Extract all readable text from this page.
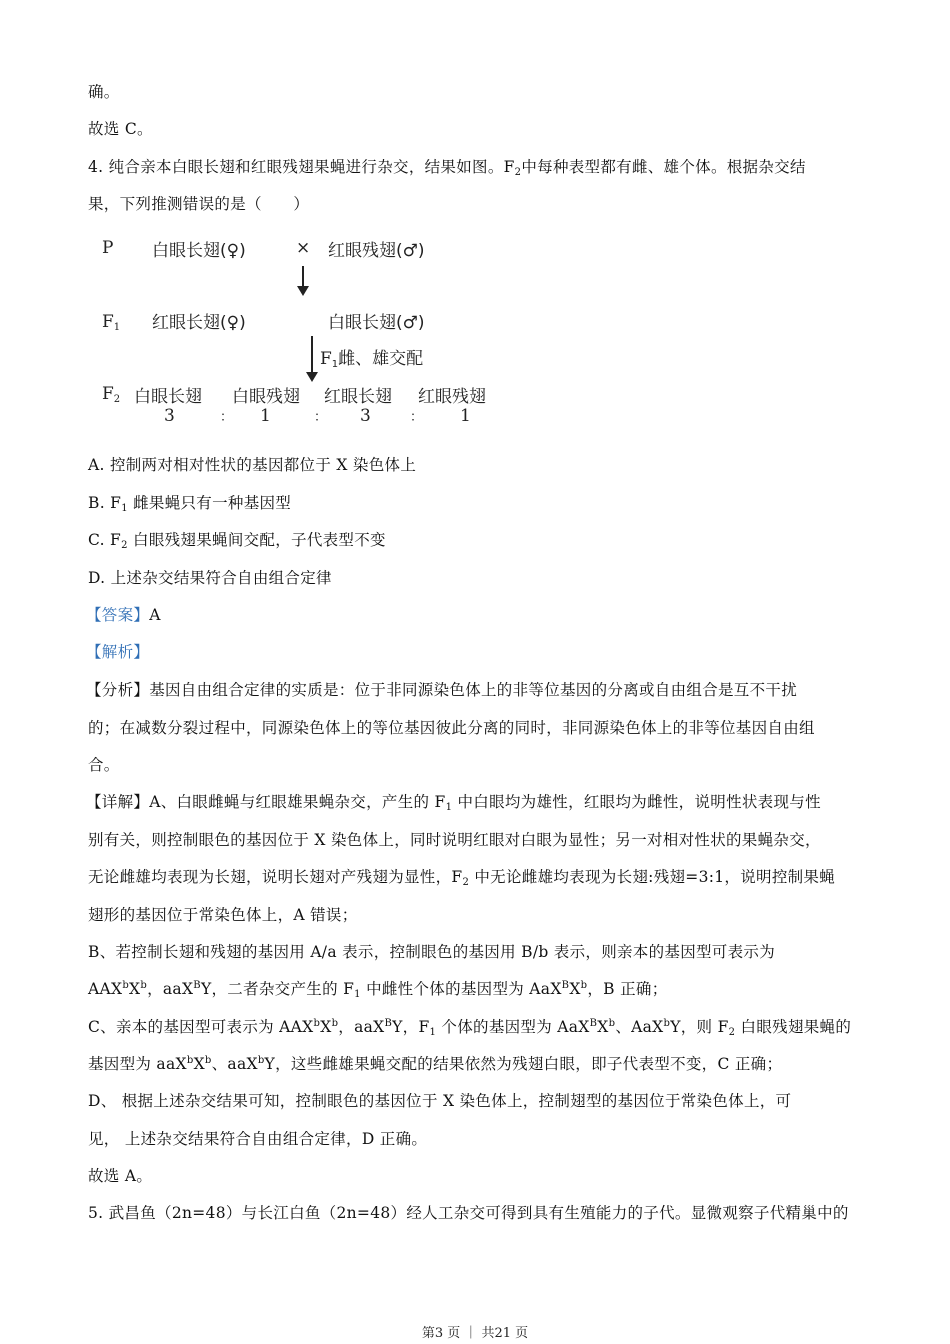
确。
故选 C。
4. 纯合亲本白眼长翅和红眼残翅果蝇进行杂交，结果如图。$F_2$中每种表型都有雌、雄个体。根据杂交结
果，下列推测错误的是（　　）
P 白眼长翅(♀)	× 红眼残翅(♂)
$F_1$ 红眼长翅(♀)	白眼长翅(♂)
$F_1$雌、雄交配
$F_2$ 白眼长翅 白眼残翅 红眼长翅 红眼残翅
3	： 1	： 3	： 1
A. 控制两对相对性状的基因都位于 X 染色体上
B. $F_1$ 雌果蝇只有一种基因型
C. $F_2$ 白眼残翅果蝇间交配，子代表型不变
D. 上述杂交结果符合自由组合定律
【答案】A
【解析】
【分析】基因自由组合定律的实质是：位于非同源染色体上的非等位基因的分离或自由组合是互不干扰
的；在减数分裂过程中，同源染色体上的等位基因彼此分离的同时，非同源染色体上的非等位基因自由组
合。
【详解】A、白眼雌蝇与红眼雄果蝇杂交，产生的 $F_1$ 中白眼均为雄性，红眼均为雌性，说明性状表现与性
别有关，则控制眼色的基因位于 X 染色体上，同时说明红眼对白眼为显性；另一对相对性状的果蝇杂交，
无论雌雄均表现为长翅，说明长翅对产残翅为显性，$F_2$ 中无论雌雄均表现为长翅:残翅=3:1，说明控制果蝇
翅形的基因位于常染色体上，A 错误；
B、若控制长翅和残翅的基因用 A/a 表示，控制眼色的基因用 B/b 表示，则亲本的基因型可表示为
$AAX^bX^b$，aaX$^B$Y，二者杂交产生的 $F_1$ 中雌性个体的基因型为 $AaX^BX^b$，B 正确；
C、亲本的基因型可表示为 $AAX^bX^b$，aaX$^B$Y，$F_1$ 个体的基因型为 $AaX^BX^b$、AaX$^b$Y，则 $F_2$ 白眼残翅果蝇的
基因型为 $aaX^bX^b$、aaX$^b$Y，这些雌雄果蝇交配的结果依然为残翅白眼，即子代表型不变，C 正确；
D、 根据上述杂交结果可知，控制眼色的基因位于 X 染色体上，控制翅型的基因位于常染色体上，可
见， 上述杂交结果符合自由组合定律，D 正确。
故选 A。
5. 武昌鱼（2n=48）与长江白鱼（2n=48）经人工杂交可得到具有生殖能力的子代。显微观察子代精巢中的
第3 页 ｜ 共21 页
